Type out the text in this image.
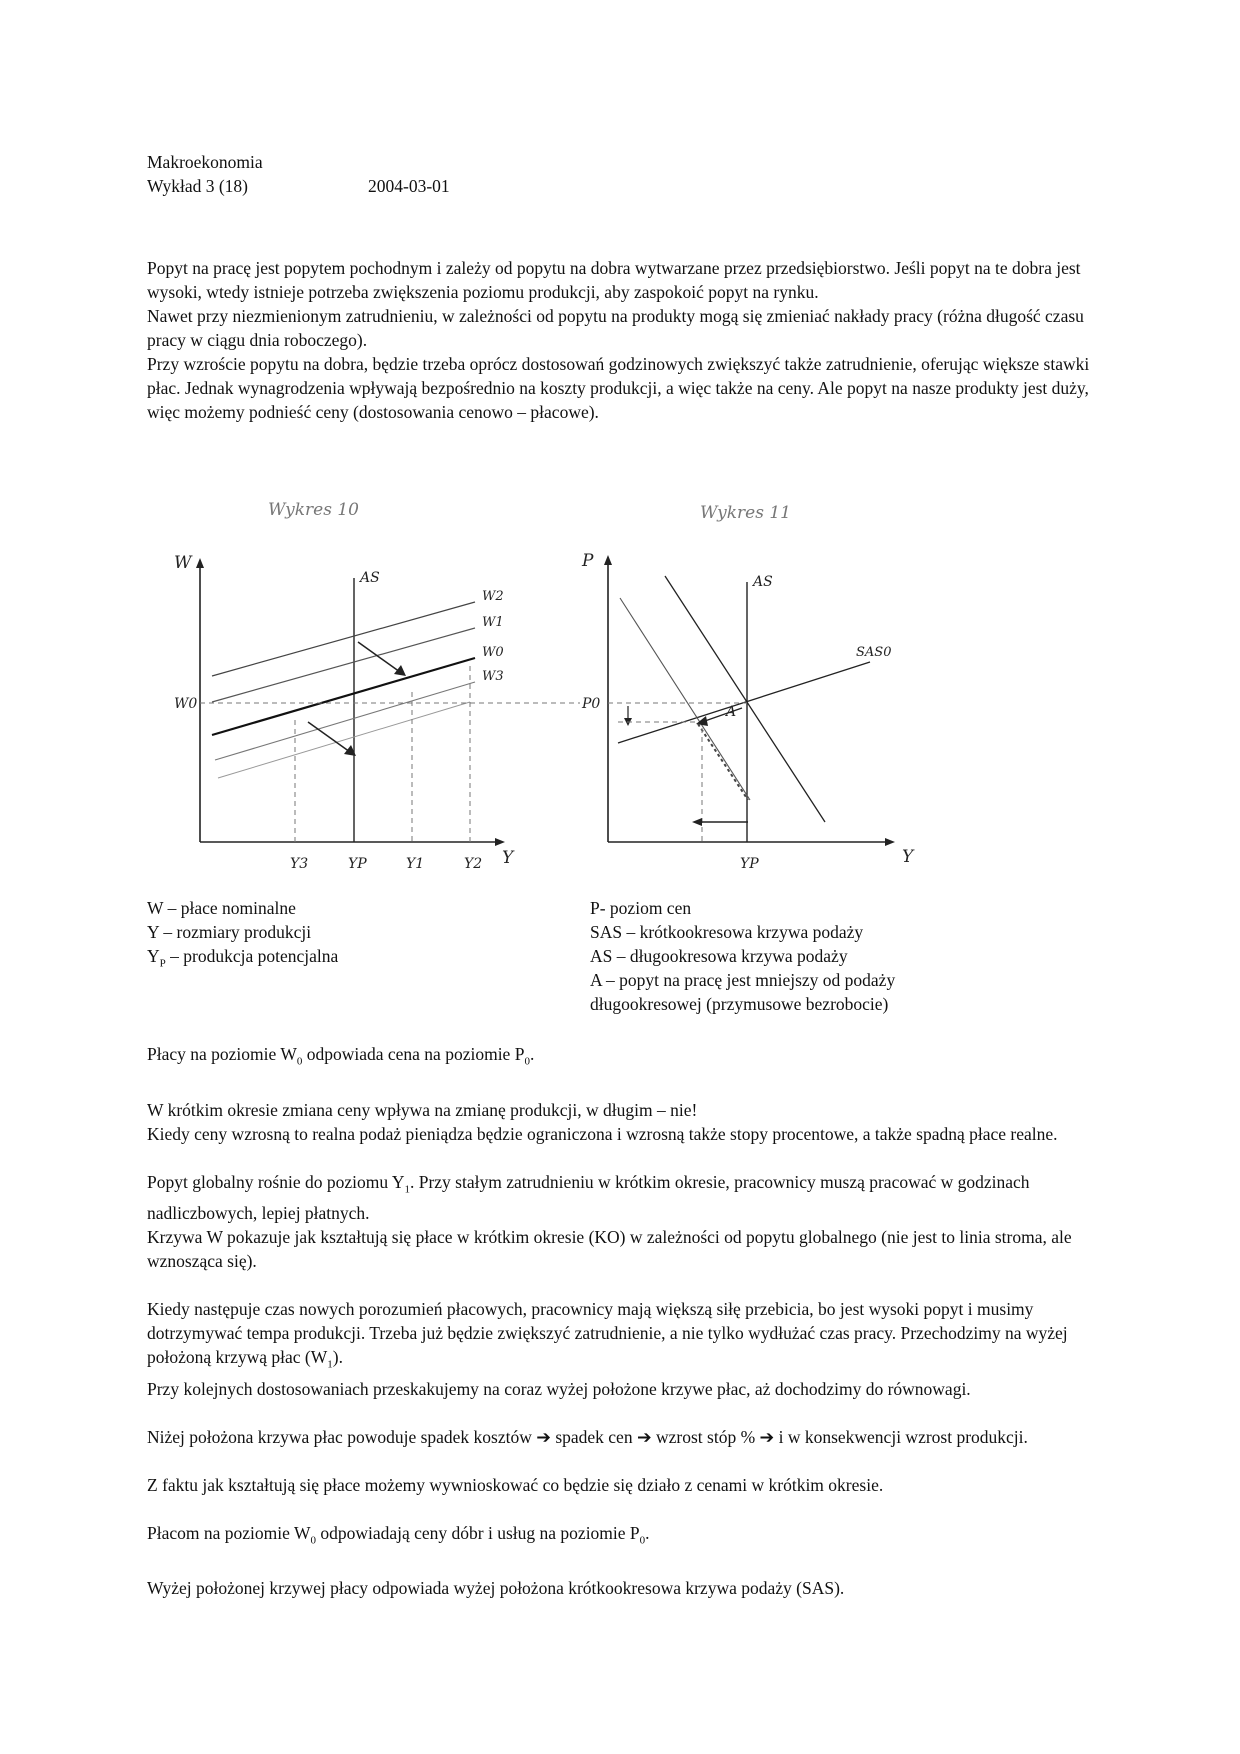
Makroekonomia
Wykład 3 (18)	2004-03-01

Popyt na pracę jest popytem pochodnym i zależy od popytu na dobra wytwarzane przez przedsiębiorstwo. Jeśli popyt na te dobra jest wysoki, wtedy istnieje potrzeba zwiększenia poziomu produkcji, aby zaspokoić popyt na rynku.

Nawet przy niezmienionym zatrudnieniu, w zależności od popytu na produkty mogą się zmieniać nakłady pracy (różna długość czasu pracy w ciągu dnia roboczego).

Przy wzroście popytu na dobra, będzie trzeba oprócz dostosowań godzinowych zwiększyć także zatrudnienie, oferując większe stawki płac. Jednak wynagrodzenia wpływają bezpośrednio na koszty produkcji, a więc także na ceny. Ale popyt na nasze produkty jest duży, więc możemy podnieść ceny (dostosowania cenowo – płacowe).

Wykres 10
W
Y
AS
W2
W1
W0
W3
W0
Y3	YP	Y1	Y2
Wykres 11
P
Y
AS
SAS0
P0	A
YP

W – płace nominalne

Y – rozmiary produkcji

$Y_P$ – produkcja potencjalna

P- poziom cen

SAS – krótkookresowa krzywa podaży

AS – długookresowa krzywa podaży

A – popyt na pracę jest mniejszy od podaży

długookresowej (przymusowe bezrobocie)

Płacy na poziomie $W_0$ odpowiada cena na poziomie $P_0$.

W krótkim okresie zmiana ceny wpływa na zmianę produkcji, w długim – nie!

Kiedy ceny wzrosną to realna podaż pieniądza będzie ograniczona i wzrosną także stopy procentowe, a także spadną płace realne.

Popyt globalny rośnie do poziomu $Y_1$. Przy stałym zatrudnieniu w krótkim okresie, pracownicy muszą pracować w godzinach nadliczbowych, lepiej płatnych.

Krzywa W pokazuje jak kształtują się płace w krótkim okresie (KO) w zależności od popytu globalnego (nie jest to linia stroma, ale wznosząca się).

Kiedy następuje czas nowych porozumień płacowych, pracownicy mają większą siłę przebicia, bo jest wysoki popyt i musimy dotrzymywać tempa produkcji. Trzeba już będzie zwiększyć zatrudnienie, a nie tylko wydłużać czas pracy. Przechodzimy na wyżej położoną krzywą płac $(W_1)$.

Przy kolejnych dostosowaniach przeskakujemy na coraz wyżej położone krzywe płac, aż dochodzimy do równowagi.

Niżej położona krzywa płac powoduje spadek kosztów ➔ spadek cen ➔ wzrost stóp % ➔ i w konsekwencji wzrost produkcji.

Z faktu jak kształtują się płace możemy wywnioskować co będzie się działo z cenami w krótkim okresie.

Płacom na poziomie $W_0$ odpowiadają ceny dóbr i usług na poziomie $P_0$.

Wyżej położonej krzywej płacy odpowiada wyżej położona krótkookresowa krzywa podaży (SAS).
